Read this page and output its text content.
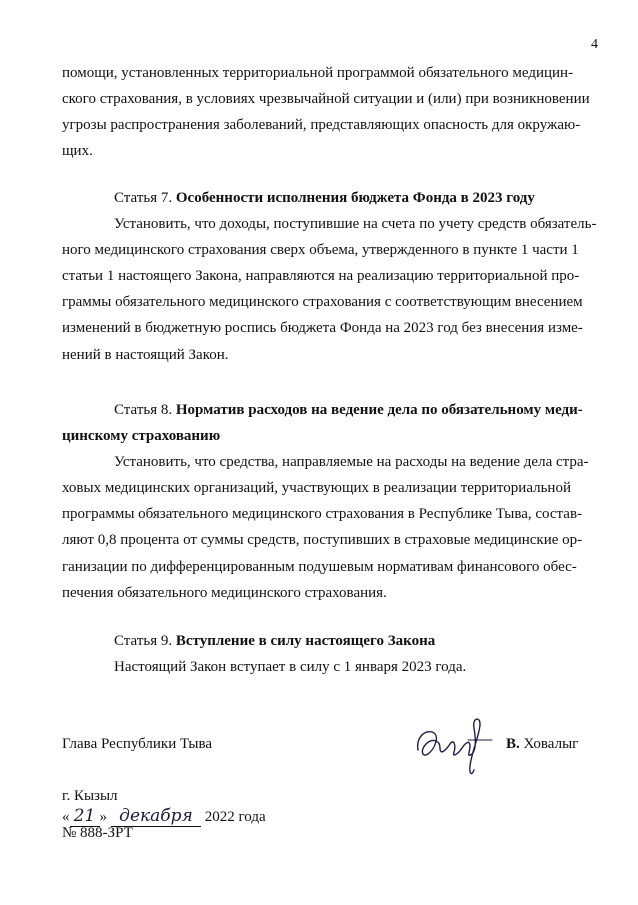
4

помощи, установленных территориальной программой обязательного медицин-

ского страхования, в условиях чрезвычайной ситуации и (или) при возникновении

угрозы распространения заболеваний, представляющих опасность для окружаю-

щих.

Статья 7. Особенности исполнения бюджета Фонда в 2023 году

Установить, что доходы, поступившие на счета по учету средств обязатель-

ного медицинского страхования сверх объема, утвержденного в пункте 1 части 1

статьи 1 настоящего Закона, направляются на реализацию территориальной про-

граммы обязательного медицинского страхования с соответствующим внесением

изменений в бюджетную роспись бюджета Фонда на 2023 год без внесения изме-

нений в настоящий Закон.

Статья 8. Норматив расходов на ведение дела по обязательному меди-

цинскому страхованию

Установить, что средства, направляемые на расходы на ведение дела стра-

ховых медицинских организаций, участвующих в реализации территориальной

программы обязательного медицинского страхования в Республике Тыва, состав-

ляют 0,8 процента от суммы средств, поступивших в страховые медицинские ор-

ганизации по дифференцированным подушевым нормативам финансового обес-

печения обязательного медицинского страхования.

Статья 9. Вступление в силу настоящего Закона

Настоящий Закон вступает в силу с 1 января 2023 года.

Глава Республики Тыва	В. Ховалыг
г. Кызыл
« 21 » декабря 2022 года
№ 888-ЗРТ
